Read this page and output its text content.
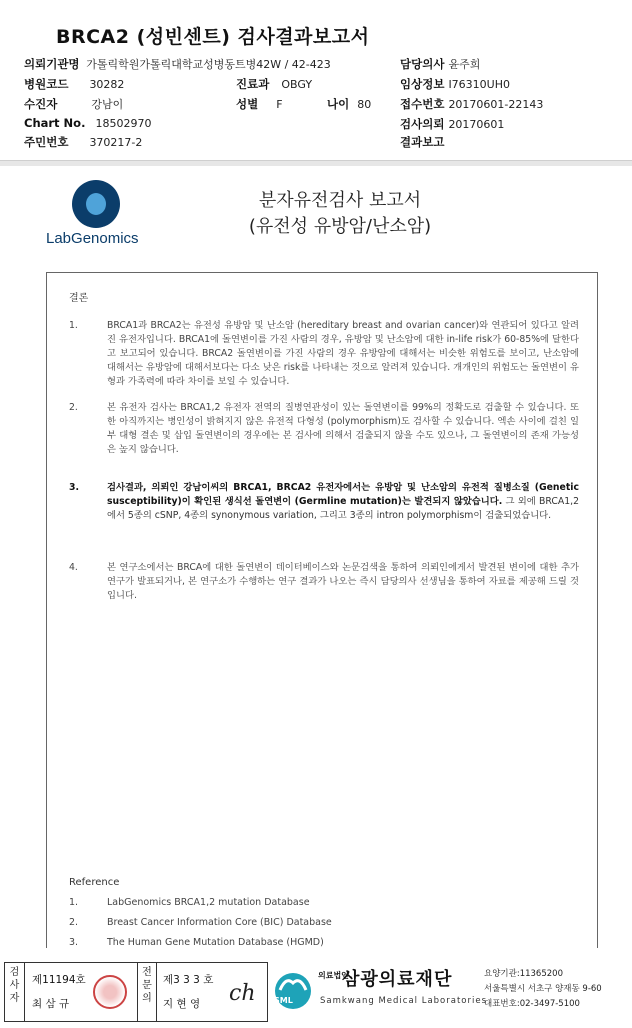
BRCA2 (성빈센트) 검사결과보고서
의뢰기관명 가톨릭학원가톨릭대학교성병동트병42W / 42-423
병원코드 30282	진료과 OBGY
수진자	강남이	성별 F	나이 80
Chart No. 18502970
주민번호 370217-2
담당의사 윤주희
임상정보 I76310UH0
접수번호 20170601-22143
검사의뢰 20170601
결과보고
LabGenomics
분자유전검사 보고서
(유전성 유방암/난소암)
결론
1.	BRCA1과 BRCA2는 유전성 유방암 및 난소암 (hereditary breast and ovarian cancer)와 연관되어 있다고 알려진 유전자입니다. BRCA1에 돌연변이를 가진 사람의 경우, 유방암 및 난소암에 대한 in-life risk가 60-85%에 달한다고 보고되어 있습니다. BRCA2 돌연변이를 가진 사람의 경우 유방암에 대해서는 비슷한 위험도를 보이고, 난소암에 대해서는 유방암에 대해서보다는 다소 낮은 risk를 나타내는 것으로 알려져 있습니다. 개개인의 위험도는 돌연변이 유형과 가족력에 따라 차이를 보일 수 있습니다.
2.	본 유전자 검사는 BRCA1,2 유전자 전역의 질병연관성이 있는 돌연변이를 99%의 정확도로 검출할 수 있습니다. 또한 아직까지는 병인성이 밝혀지지 않은 유전적 다형성 (polymorphism)도 검사할 수 있습니다. 엑손 사이에 걸친 일부 대형 결손 및 삽입 돌연변이의 경우에는 본 검사에 의해서 검출되지 않을 수도 있으나, 그 돌연변이의 존재 가능성은 높지 않습니다.
3.	검사결과, 의뢰인 강남이씨의 BRCA1, BRCA2 유전자에서는 유방암 및 난소암의 유전적 질병소질 (Genetic susceptibility)이 확인된 생식선 돌연변이 (Germline mutation)는 발견되지 않았습니다. 그 외에 BRCA1,2에서 5종의 cSNP, 4종의 synonymous variation, 그리고 3종의 intron polymorphism이 검출되었습니다.
4.	본 연구소에서는 BRCA에 대한 돌연변이 데이터베이스와 논문검색을 통하여 의뢰인에게서 발견된 변이에 대한 추가 연구가 발표되거나, 본 연구소가 수행하는 연구 결과가 나오는 즉시 담당의사 선생님을 통하여 자료를 제공해 드릴 것입니다.
Reference
1.	LabGenomics BRCA1,2 mutation Database
2.	Breast Cancer Information Core (BIC) Database
3.	The Human Gene Mutation Database (HGMD)
검사자
제11194호
최 삼 규
전문의
제3 3 3 호
지 현 영 ch SML
의료법인
삼광의료재단
Samkwang Medical Laboratories
요양기관:11365200
서울특별시 서초구 양재동 9-60
대표번호:02-3497-5100
